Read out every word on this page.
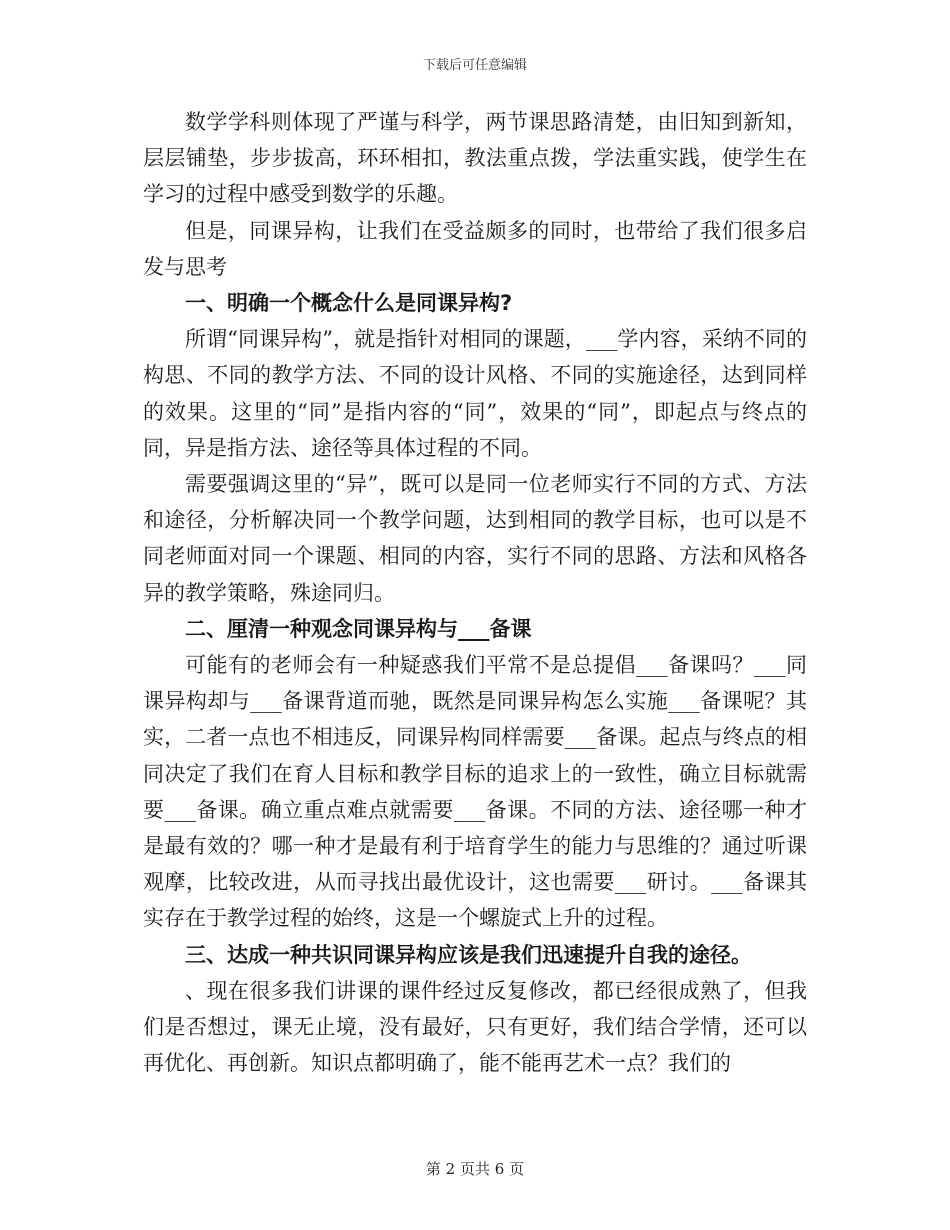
下载后可任意编辑

数学学科则体现了严谨与科学，两节课思路清楚，由旧知到新知，层层铺垫，步步拔高，环环相扣，教法重点拨，学法重实践，使学生在学习的过程中感受到数学的乐趣。

但是，同课异构，让我们在受益颇多的同时，也带给了我们很多启发与思考

一、明确一个概念什么是同课异构?

所谓“同课异构”，就是指针对相同的课题，___学内容，采纳不同的构思、不同的教学方法、不同的设计风格、不同的实施途径，达到同样的效果。这里的“同”是指内容的“同”，效果的“同”，即起点与终点的同，异是指方法、途径等具体过程的不同。

需要强调这里的“异”，既可以是同一位老师实行不同的方式、方法和途径，分析解决同一个教学问题，达到相同的教学目标，也可以是不同老师面对同一个课题、相同的内容，实行不同的思路、方法和风格各异的教学策略，殊途同归。

二、厘清一种观念同课异构与___备课

可能有的老师会有一种疑惑我们平常不是总提倡___备课吗？___同课异构却与___备课背道而驰，既然是同课异构怎么实施___备课呢？其实，二者一点也不相违反，同课异构同样需要___备课。起点与终点的相同决定了我们在育人目标和教学目标的追求上的一致性，确立目标就需要___备课。确立重点难点就需要___备课。不同的方法、途径哪一种才是最有效的？哪一种才是最有利于培育学生的能力与思维的？通过听课观摩，比较改进，从而寻找出最优设计，这也需要___研讨。___备课其实存在于教学过程的始终，这是一个螺旋式上升的过程。

三、达成一种共识同课异构应该是我们迅速提升自我的途径。

、现在很多我们讲课的课件经过反复修改，都已经很成熟了，但我们是否想过，课无止境，没有最好，只有更好，我们结合学情，还可以再优化、再创新。知识点都明确了，能不能再艺术一点？我们的

第 2 页共 6 页
